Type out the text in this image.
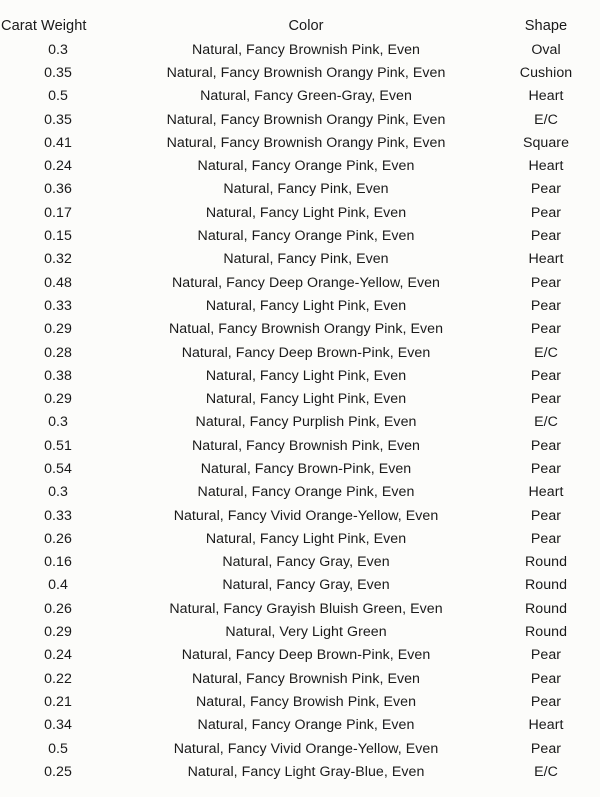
Carat Weight	Color	Shape
0.3	Natural, Fancy Brownish Pink, Even	Oval
0.35	Natural, Fancy Brownish Orangy Pink, Even	Cushion
0.5	Natural, Fancy Green-Gray, Even	Heart
0.35	Natural, Fancy Brownish Orangy Pink, Even	E/C
0.41	Natural, Fancy Brownish Orangy Pink, Even	Square
0.24	Natural, Fancy Orange Pink, Even	Heart
0.36	Natural, Fancy Pink, Even	Pear
0.17	Natural, Fancy Light Pink, Even	Pear
0.15	Natural, Fancy Orange Pink, Even	Pear
0.32	Natural, Fancy Pink, Even	Heart
0.48	Natural, Fancy Deep Orange-Yellow, Even	Pear
0.33	Natural, Fancy Light Pink, Even	Pear
0.29	Natual, Fancy Brownish Orangy Pink, Even	Pear
0.28	Natural, Fancy Deep Brown-Pink, Even	E/C
0.38	Natural, Fancy Light Pink, Even	Pear
0.29	Natural, Fancy Light Pink, Even	Pear
0.3	Natural, Fancy Purplish Pink, Even	E/C
0.51	Natural, Fancy Brownish Pink, Even	Pear
0.54	Natural, Fancy Brown-Pink, Even	Pear
0.3	Natural, Fancy Orange Pink, Even	Heart
0.33	Natural, Fancy Vivid Orange-Yellow, Even	Pear
0.26	Natural, Fancy Light Pink, Even	Pear
0.16	Natural, Fancy Gray, Even	Round
0.4	Natural, Fancy Gray, Even	Round
0.26	Natural, Fancy Grayish Bluish Green, Even	Round
0.29	Natural, Very Light Green	Round
0.24	Natural, Fancy Deep Brown-Pink, Even	Pear
0.22	Natural, Fancy Brownish Pink, Even	Pear
0.21	Natural, Fancy Browish Pink, Even	Pear
0.34	Natural, Fancy Orange Pink, Even	Heart
0.5	Natural, Fancy Vivid Orange-Yellow, Even	Pear
0.25	Natural, Fancy Light Gray-Blue, Even	E/C
